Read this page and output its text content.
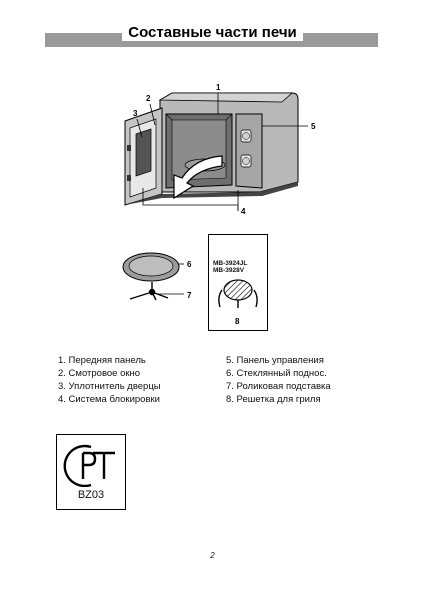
Составные части печи
1
2
3
4
5
6
7
MB-3924JL
MB-3928V
8
1. Передняя панель
2. Смотровое окно
3. Уплотнитель дверцы
4. Система блокировки
5. Панель управления
6. Стеклянный поднос.
7. Роликовая подставка
8. Решетка для гриля
BZ03
2
